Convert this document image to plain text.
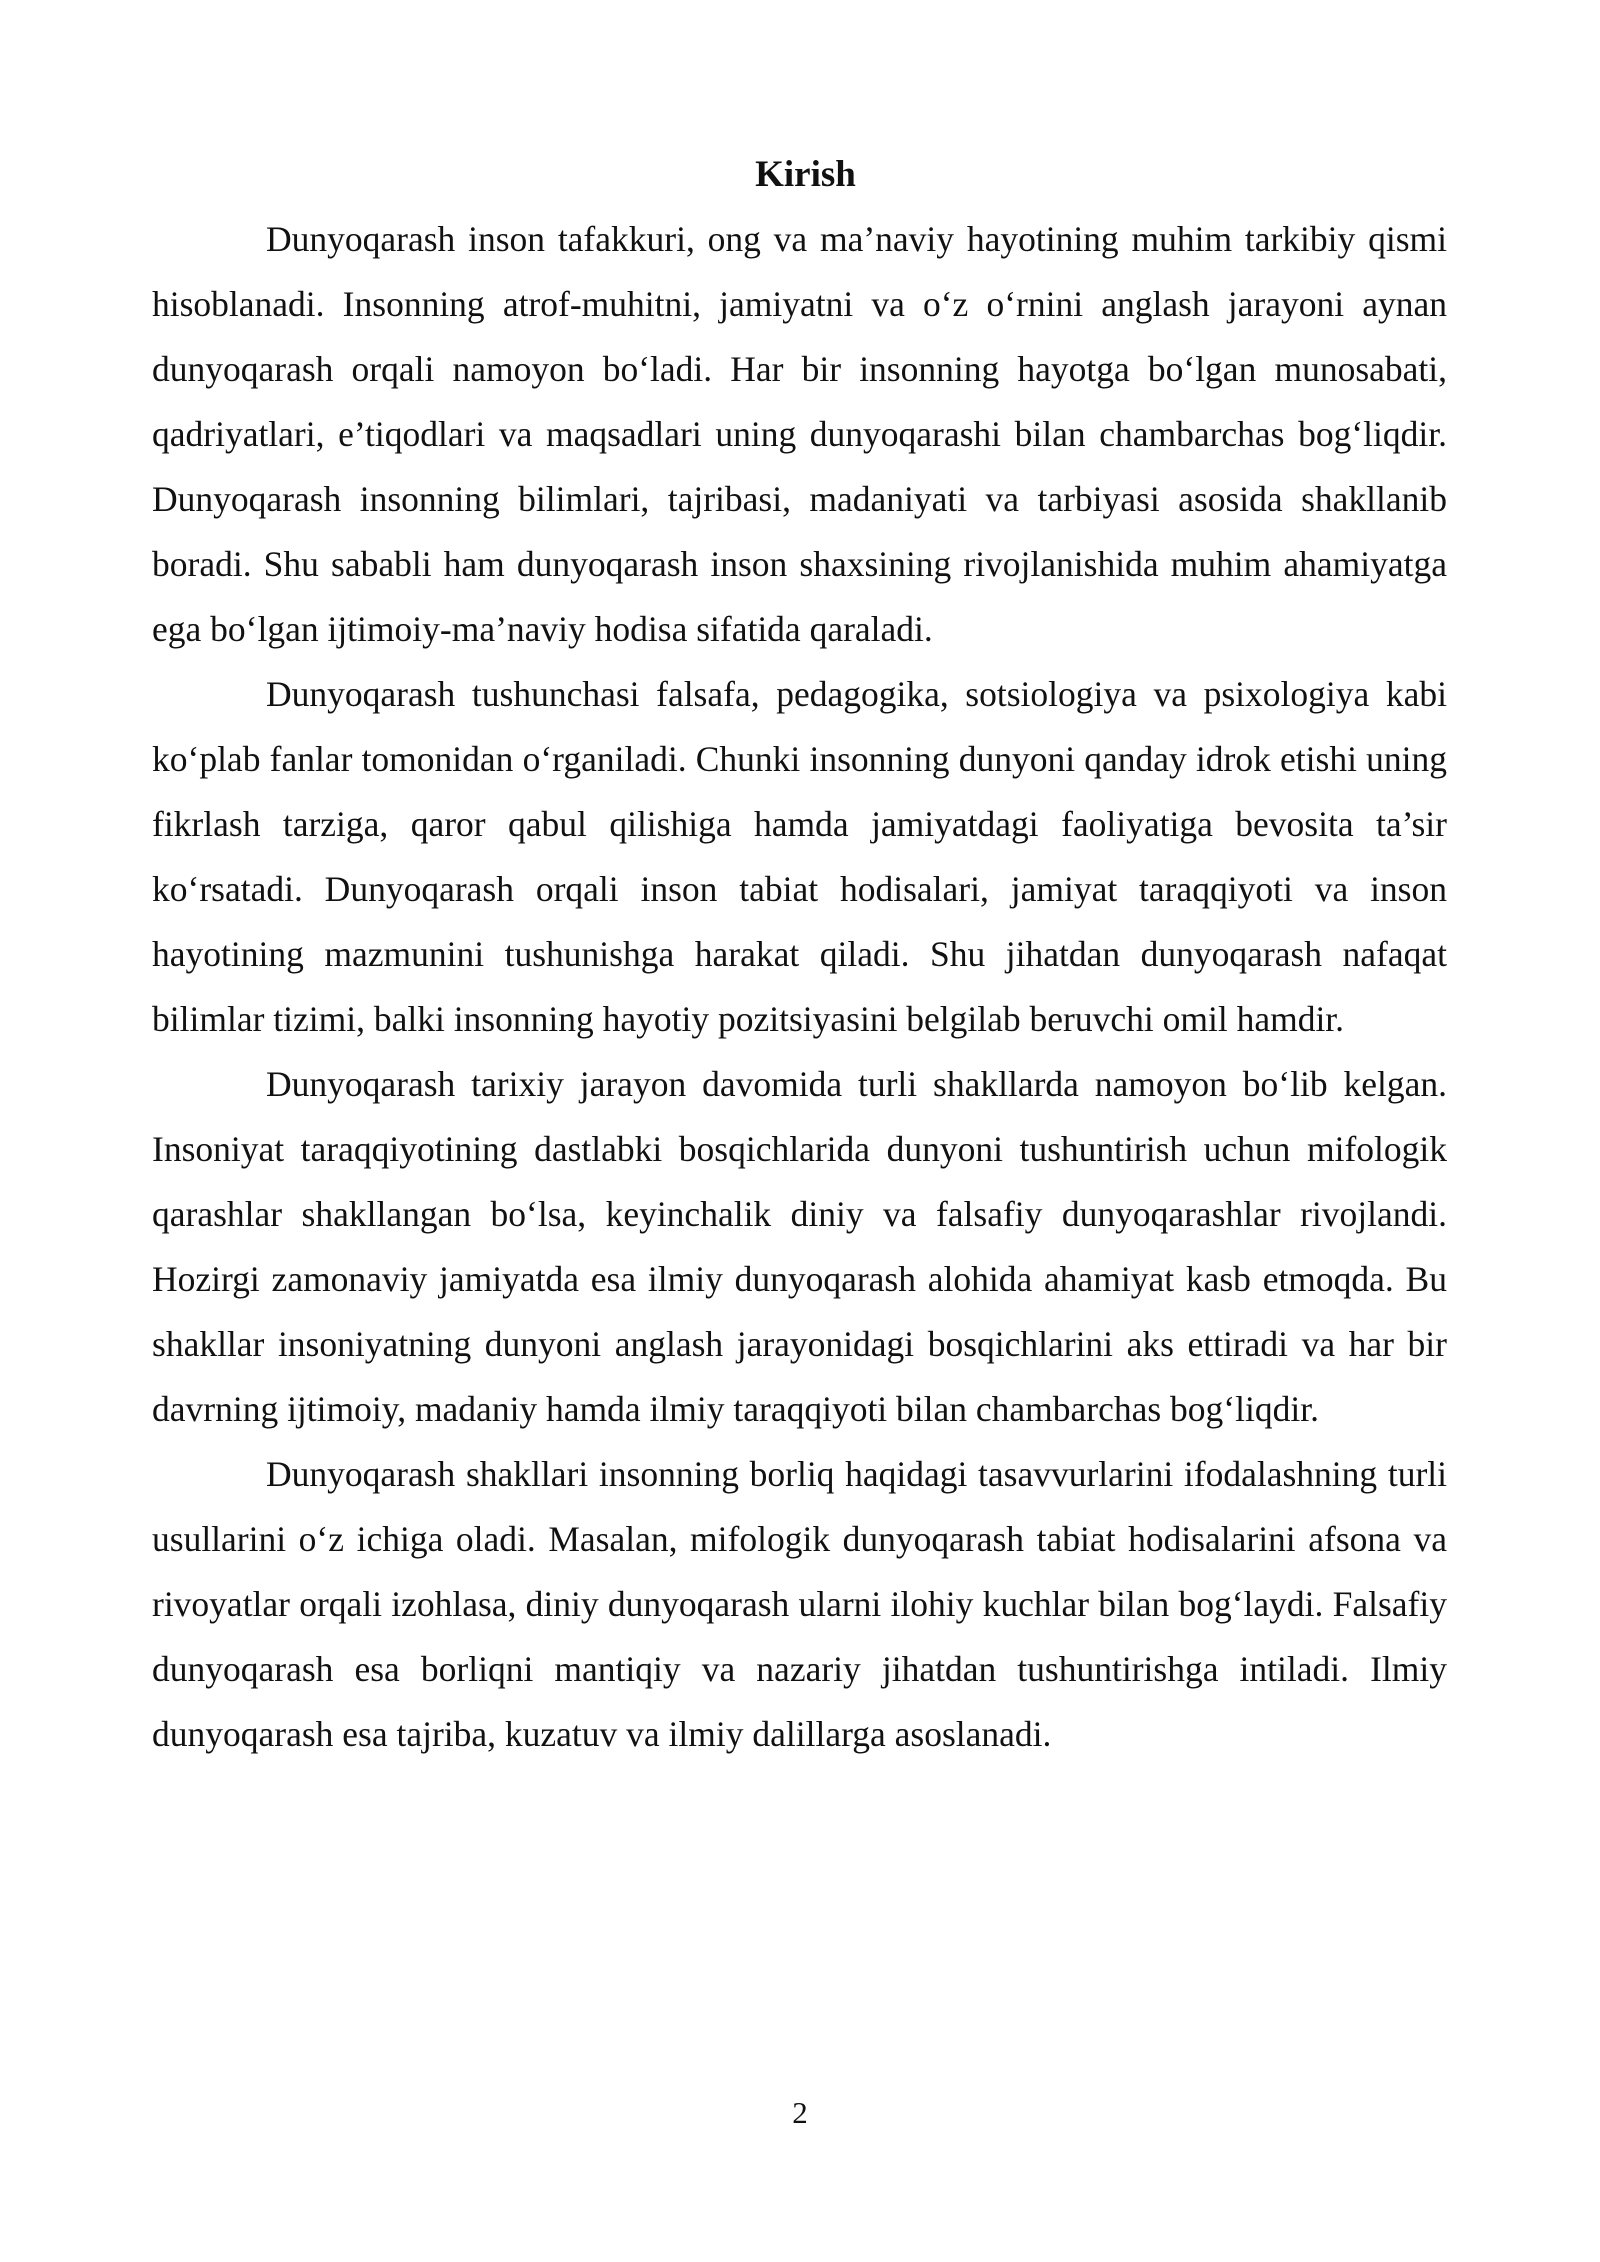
Kirish

Dunyoqarash inson tafakkuri, ong va ma’naviy hayotining muhim tarkibiy qismi hisoblanadi. Insonning atrof-muhitni, jamiyatni va o‘z o‘rnini anglash jarayoni aynan dunyoqarash orqali namoyon bo‘ladi. Har bir insonning hayotga bo‘lgan munosabati, qadriyatlari, e’tiqodlari va maqsadlari uning dunyoqarashi bilan chambarchas bog‘liqdir. Dunyoqarash insonning bilimlari, tajribasi, madaniyati va tarbiyasi asosida shakllanib boradi. Shu sababli ham dunyoqarash inson shaxsining rivojlanishida muhim ahamiyatga ega bo‘lgan ijtimoiy-ma’naviy hodisa sifatida qaraladi.

Dunyoqarash tushunchasi falsafa, pedagogika, sotsiologiya va psixologiya kabi ko‘plab fanlar tomonidan o‘rganiladi. Chunki insonning dunyoni qanday idrok etishi uning fikrlash tarziga, qaror qabul qilishiga hamda jamiyatdagi faoliyatiga bevosita ta’sir ko‘rsatadi. Dunyoqarash orqali inson tabiat hodisalari, jamiyat taraqqiyoti va inson hayotining mazmunini tushunishga harakat qiladi. Shu jihatdan dunyoqarash nafaqat bilimlar tizimi, balki insonning hayotiy pozitsiyasini belgilab beruvchi omil hamdir.

Dunyoqarash tarixiy jarayon davomida turli shakllarda namoyon bo‘lib kelgan. Insoniyat taraqqiyotining dastlabki bosqichlarida dunyoni tushuntirish uchun mifologik qarashlar shakllangan bo‘lsa, keyinchalik diniy va falsafiy dunyoqarashlar rivojlandi. Hozirgi zamonaviy jamiyatda esa ilmiy dunyoqarash alohida ahamiyat kasb etmoqda. Bu shakllar insoniyatning dunyoni anglash jarayonidagi bosqichlarini aks ettiradi va har bir davrning ijtimoiy, madaniy hamda ilmiy taraqqiyoti bilan chambarchas bog‘liqdir.

Dunyoqarash shakllari insonning borliq haqidagi tasavvurlarini ifodalashning turli usullarini o‘z ichiga oladi. Masalan, mifologik dunyoqarash tabiat hodisalarini afsona va rivoyatlar orqali izohlasa, diniy dunyoqarash ularni ilohiy kuchlar bilan bog‘laydi. Falsafiy dunyoqarash esa borliqni mantiqiy va nazariy jihatdan tushuntirishga intiladi. Ilmiy dunyoqarash esa tajriba, kuzatuv va ilmiy dalillarga asoslanadi.

2
